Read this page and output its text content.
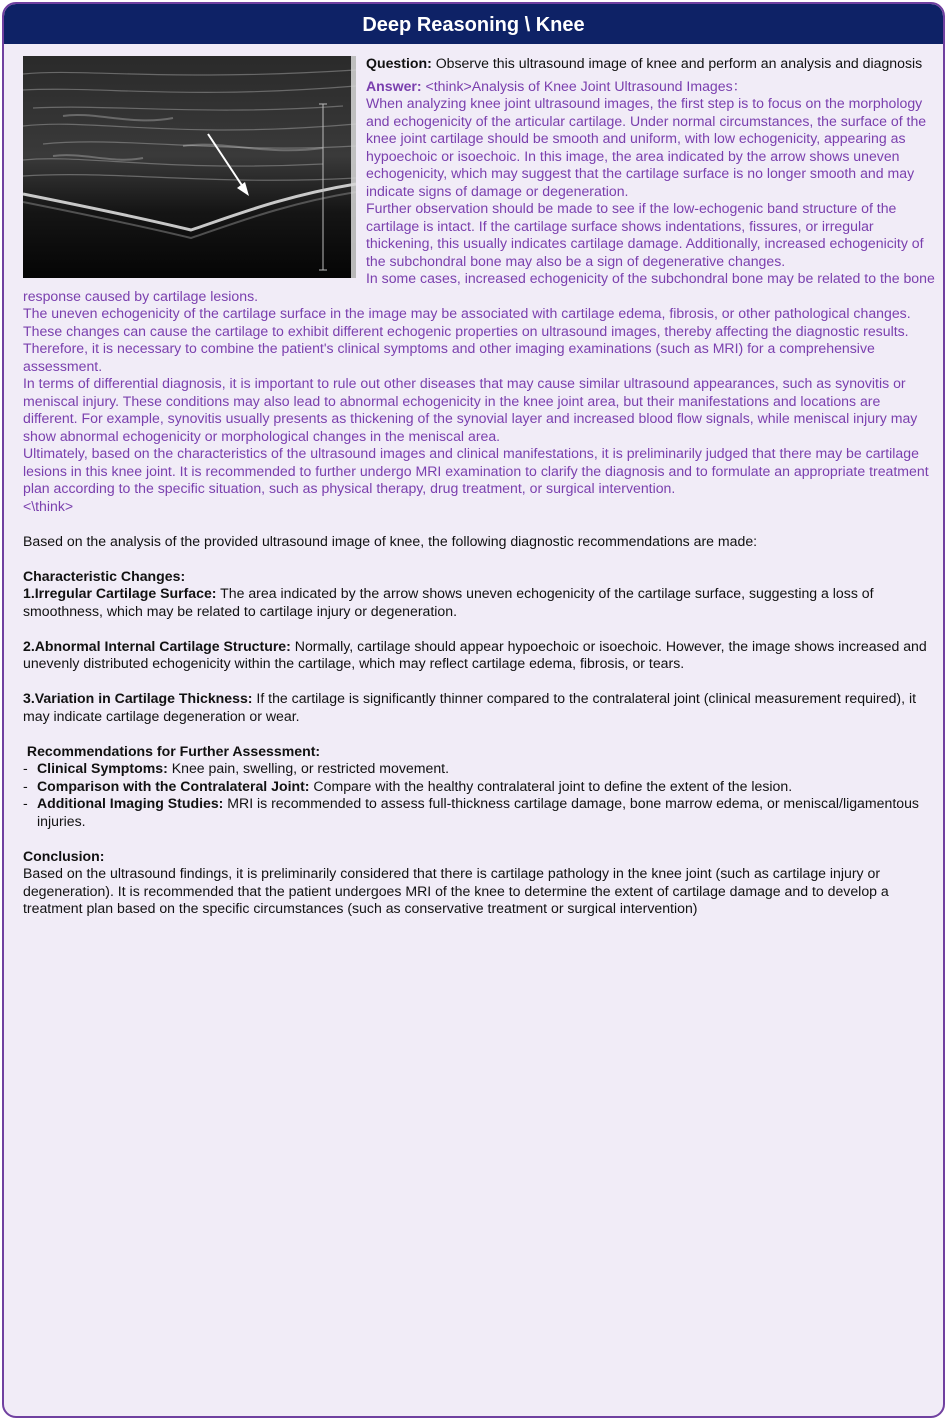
Deep Reasoning \ Knee

Question: Observe this ultrasound image of knee and perform an analysis and diagnosis

Answer: <think>Analysis of Knee Joint Ultrasound Images：

When analyzing knee joint ultrasound images, the first step is to focus on the morphology and echogenicity of the articular cartilage. Under normal circumstances, the surface of the knee joint cartilage should be smooth and uniform, with low echogenicity, appearing as hypoechoic or isoechoic. In this image, the area indicated by the arrow shows uneven echogenicity, which may suggest that the cartilage surface is no longer smooth and may indicate signs of damage or degeneration.

Further observation should be made to see if the low-echogenic band structure of the cartilage is intact. If the cartilage surface shows indentations, fissures, or irregular thickening, this usually indicates cartilage damage. Additionally, increased echogenicity of the subchondral bone may also be a sign of degenerative changes.

In some cases, increased echogenicity of the subchondral bone may be related to the bone response caused by cartilage lesions.

The uneven echogenicity of the cartilage surface in the image may be associated with cartilage edema, fibrosis, or other pathological changes. These changes can cause the cartilage to exhibit different echogenic properties on ultrasound images, thereby affecting the diagnostic results. Therefore, it is necessary to combine the patient's clinical symptoms and other imaging examinations (such as MRI) for a comprehensive assessment.

In terms of differential diagnosis, it is important to rule out other diseases that may cause similar ultrasound appearances, such as synovitis or meniscal injury. These conditions may also lead to abnormal echogenicity in the knee joint area, but their manifestations and locations are different. For example, synovitis usually presents as thickening of the synovial layer and increased blood flow signals, while meniscal injury may show abnormal echogenicity or morphological changes in the meniscal area.

Ultimately, based on the characteristics of the ultrasound images and clinical manifestations, it is preliminarily judged that there may be cartilage lesions in this knee joint. It is recommended to further undergo MRI examination to clarify the diagnosis and to formulate an appropriate treatment plan according to the specific situation, such as physical therapy, drug treatment, or surgical intervention.

<\think>

Based on the analysis of the provided ultrasound image of knee, the following diagnostic recommendations are made:

Characteristic Changes:

1.Irregular Cartilage Surface: The area indicated by the arrow shows uneven echogenicity of the cartilage surface, suggesting a loss of smoothness, which may be related to cartilage injury or degeneration.

2.Abnormal Internal Cartilage Structure: Normally, cartilage should appear hypoechoic or isoechoic. However, the image shows increased and unevenly distributed echogenicity within the cartilage, which may reflect cartilage edema, fibrosis, or tears.

3.Variation in Cartilage Thickness: If the cartilage is significantly thinner compared to the contralateral joint (clinical measurement required), it may indicate cartilage degeneration or wear.

Recommendations for Further Assessment:

- Clinical Symptoms: Knee pain, swelling, or restricted movement.
- Comparison with the Contralateral Joint: Compare with the healthy contralateral joint to define the extent of the lesion.
- Additional Imaging Studies: MRI is recommended to assess full-thickness cartilage damage, bone marrow edema, or meniscal/ligamentous injuries.

Conclusion:

Based on the ultrasound findings, it is preliminarily considered that there is cartilage pathology in the knee joint (such as cartilage injury or degeneration). It is recommended that the patient undergoes MRI of the knee to determine the extent of cartilage damage and to develop a treatment plan based on the specific circumstances (such as conservative treatment or surgical intervention)
